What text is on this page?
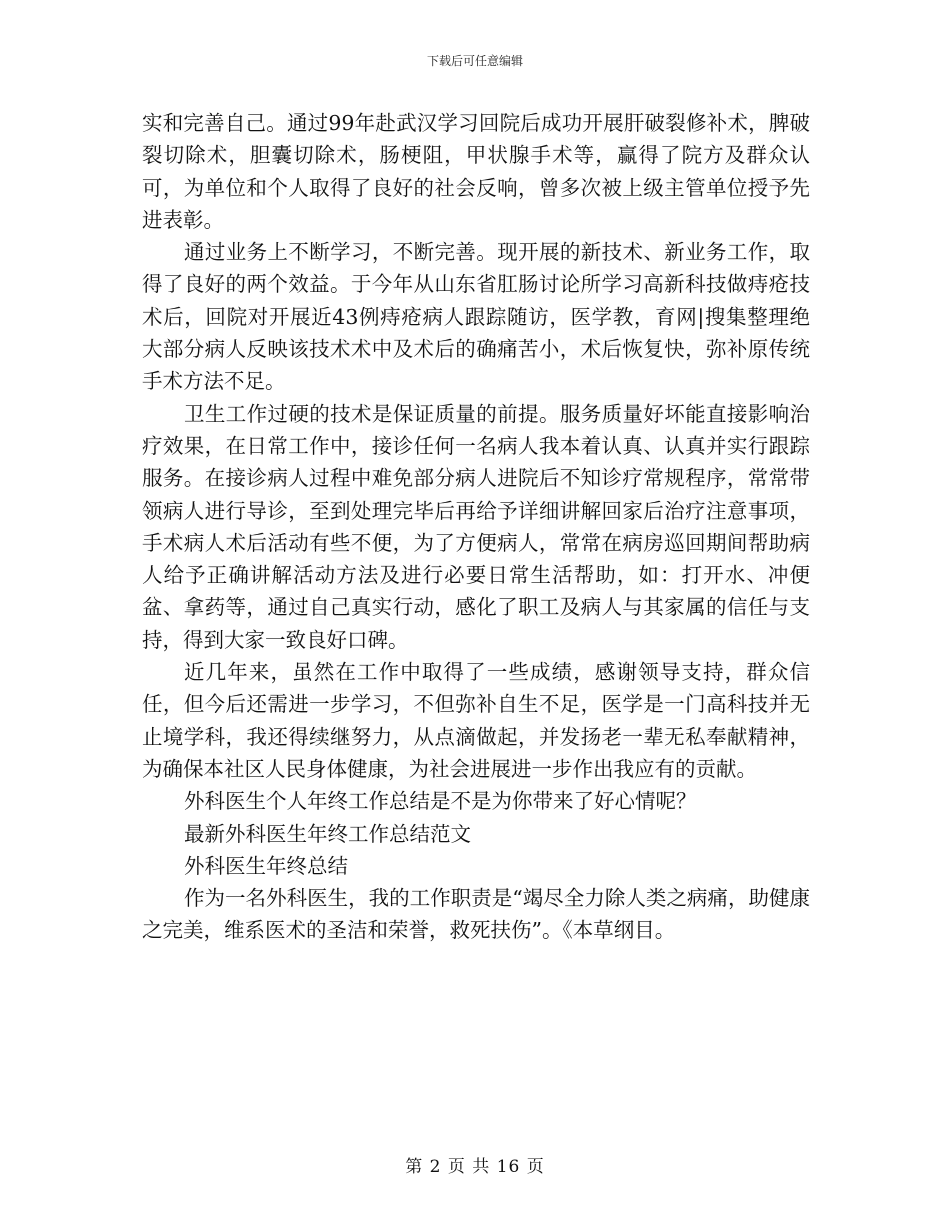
下载后可任意编辑

实和完善自己。通过99年赴武汉学习回院后成功开展肝破裂修补术，脾破裂切除术，胆囊切除术，肠梗阻，甲状腺手术等，赢得了院方及群众认可，为单位和个人取得了良好的社会反响，曾多次被上级主管单位授予先进表彰。

通过业务上不断学习，不断完善。现开展的新技术、新业务工作，取得了良好的两个效益。于今年从山东省肛肠讨论所学习高新科技做痔疮技术后，回院对开展近43例痔疮病人跟踪随访，医学教，育网|搜集整理绝大部分病人反映该技术术中及术后的确痛苦小，术后恢复快，弥补原传统手术方法不足。

卫生工作过硬的技术是保证质量的前提。服务质量好坏能直接影响治疗效果，在日常工作中，接诊任何一名病人我本着认真、认真并实行跟踪服务。在接诊病人过程中难免部分病人进院后不知诊疗常规程序，常常带领病人进行导诊，至到处理完毕后再给予详细讲解回家后治疗注意事项，手术病人术后活动有些不便，为了方便病人，常常在病房巡回期间帮助病人给予正确讲解活动方法及进行必要日常生活帮助，如：打开水、冲便盆、拿药等，通过自己真实行动，感化了职工及病人与其家属的信任与支持，得到大家一致良好口碑。

近几年来，虽然在工作中取得了一些成绩，感谢领导支持，群众信任，但今后还需进一步学习，不但弥补自生不足，医学是一门高科技并无止境学科，我还得续继努力，从点滴做起，并发扬老一辈无私奉献精神，为确保本社区人民身体健康，为社会进展进一步作出我应有的贡献。

外科医生个人年终工作总结是不是为你带来了好心情呢？

最新外科医生年终工作总结范文

外科医生年终总结

作为一名外科医生，我的工作职责是“竭尽全力除人类之病痛，助健康之完美，维系医术的圣洁和荣誉，救死扶伤”。《本草纲目。

第 2 页 共 16 页
